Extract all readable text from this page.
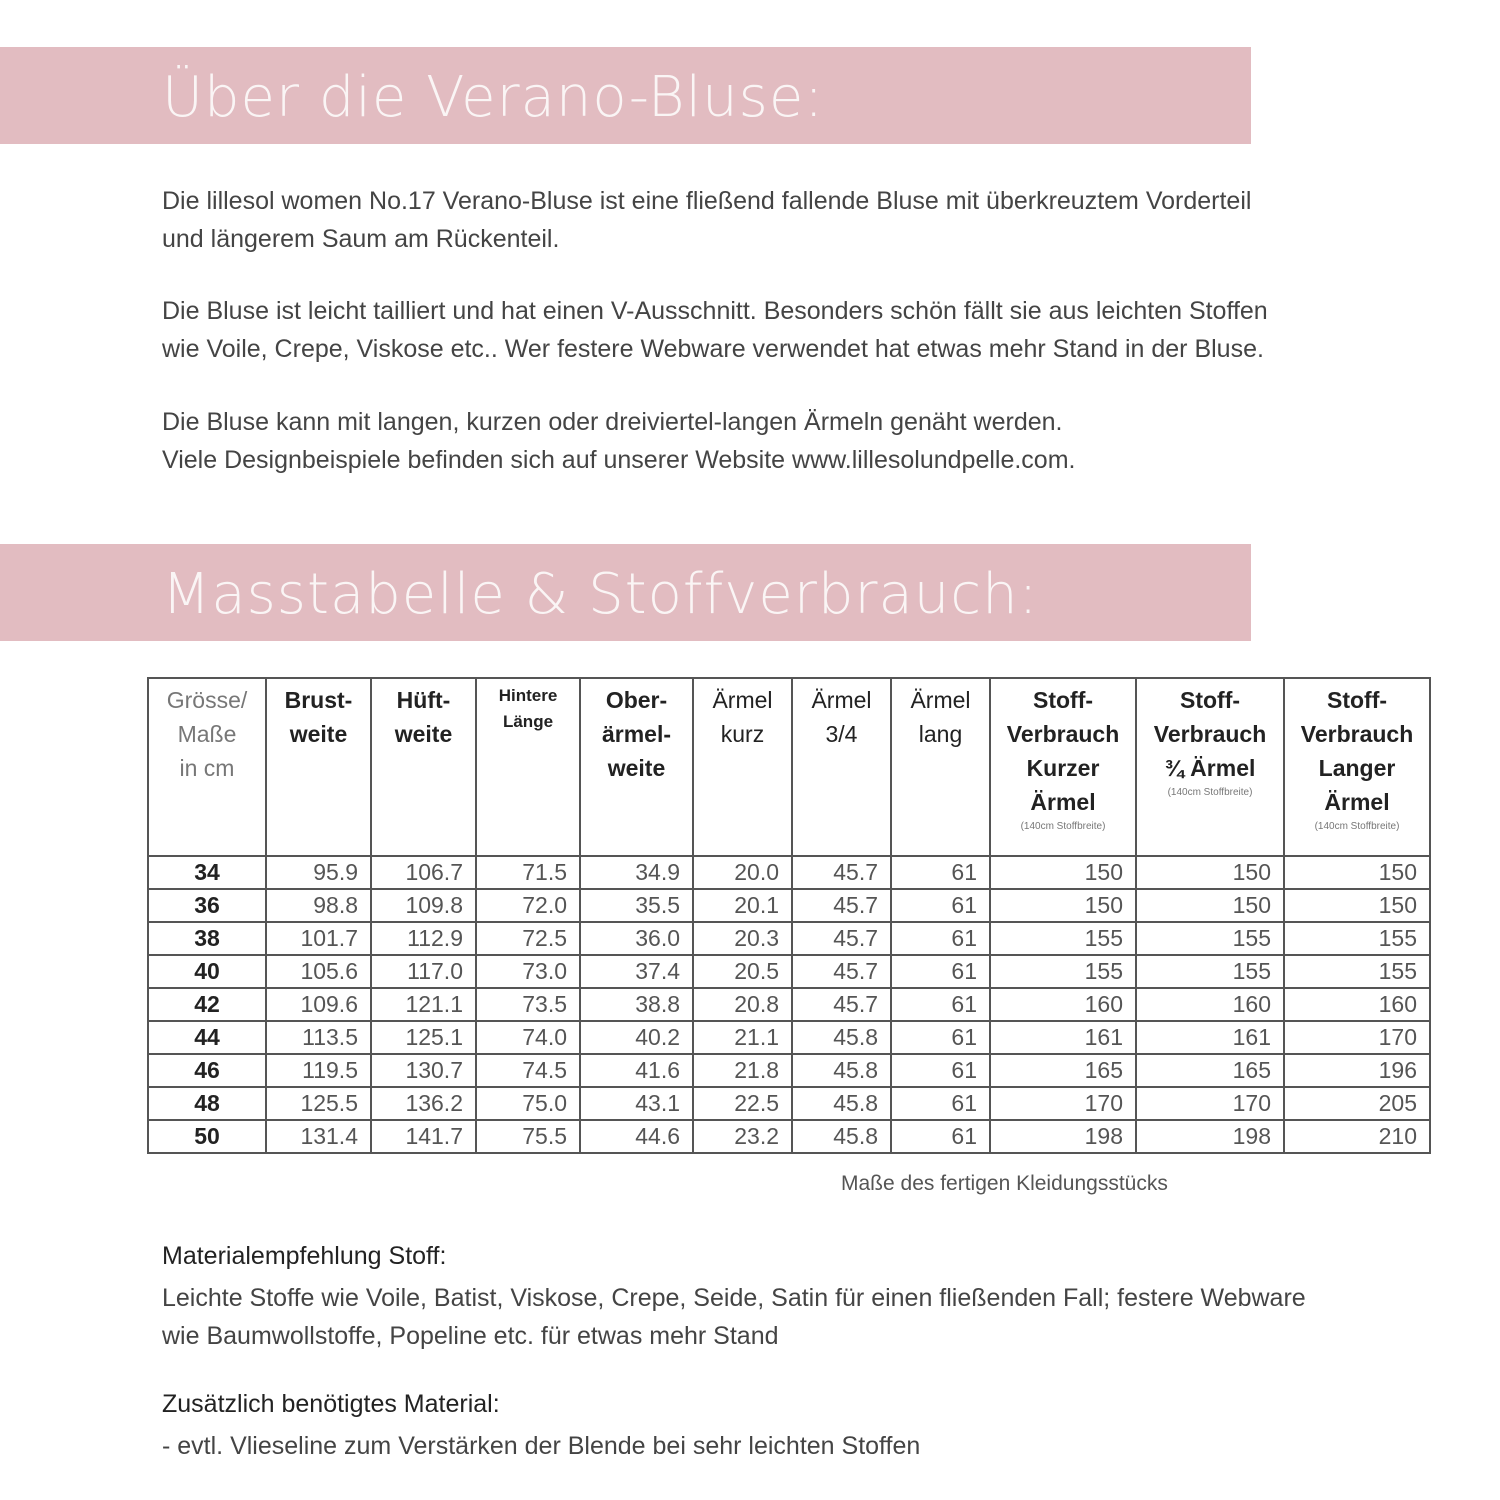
Über die Verano-Bluse:

Die lillesol women No.17 Verano-Bluse ist eine fließend fallende Bluse mit überkreuztem Vorderteil
und längerem Saum am Rückenteil.

Die Bluse ist leicht tailliert und hat einen V-Ausschnitt. Besonders schön fällt sie aus leichten Stoffen
wie Voile, Crepe, Viskose etc.. Wer festere Webware verwendet hat etwas mehr Stand in der Bluse.

Die Bluse kann mit langen, kurzen oder dreiviertel-langen Ärmeln genäht werden.
Viele Designbeispiele befinden sich auf unserer Website www.lillesolundpelle.com.

Masstabelle & Stoffverbrauch:
Grösse/
Maße
in cm	Brust-
weite	Hüft-
weite	Hintere
Länge	Ober-
ärmel-
weite	Ärmel
kurz	Ärmel
3/4	Ärmel
lang	Stoff-
Verbrauch
Kurzer
Ärmel
(140cm Stoffbreite)	Stoff-
Verbrauch
¾ Ärmel
(140cm Stoffbreite)	Stoff-
Verbrauch
Langer
Ärmel
(140cm Stoffbreite)

34	95.9	106.7	71.5	34.9	20.0	45.7	61	150	150	150
36	98.8	109.8	72.0	35.5	20.1	45.7	61	150	150	150
38	101.7	112.9	72.5	36.0	20.3	45.7	61	155	155	155
40	105.6	117.0	73.0	37.4	20.5	45.7	61	155	155	155
42	109.6	121.1	73.5	38.8	20.8	45.7	61	160	160	160
44	113.5	125.1	74.0	40.2	21.1	45.8	61	161	161	170
46	119.5	130.7	74.5	41.6	21.8	45.8	61	165	165	196
48	125.5	136.2	75.0	43.1	22.5	45.8	61	170	170	205
50	131.4	141.7	75.5	44.6	23.2	45.8	61	198	198	210
Maße des fertigen Kleidungsstücks
Materialempfehlung Stoff:

Leichte Stoffe wie Voile, Batist, Viskose, Crepe, Seide, Satin für einen fließenden Fall; festere Webware
wie Baumwollstoffe, Popeline etc. für etwas mehr Stand

Zusätzlich benötigtes Material:

- evtl. Vlieseline zum Verstärken der Blende bei sehr leichten Stoffen
